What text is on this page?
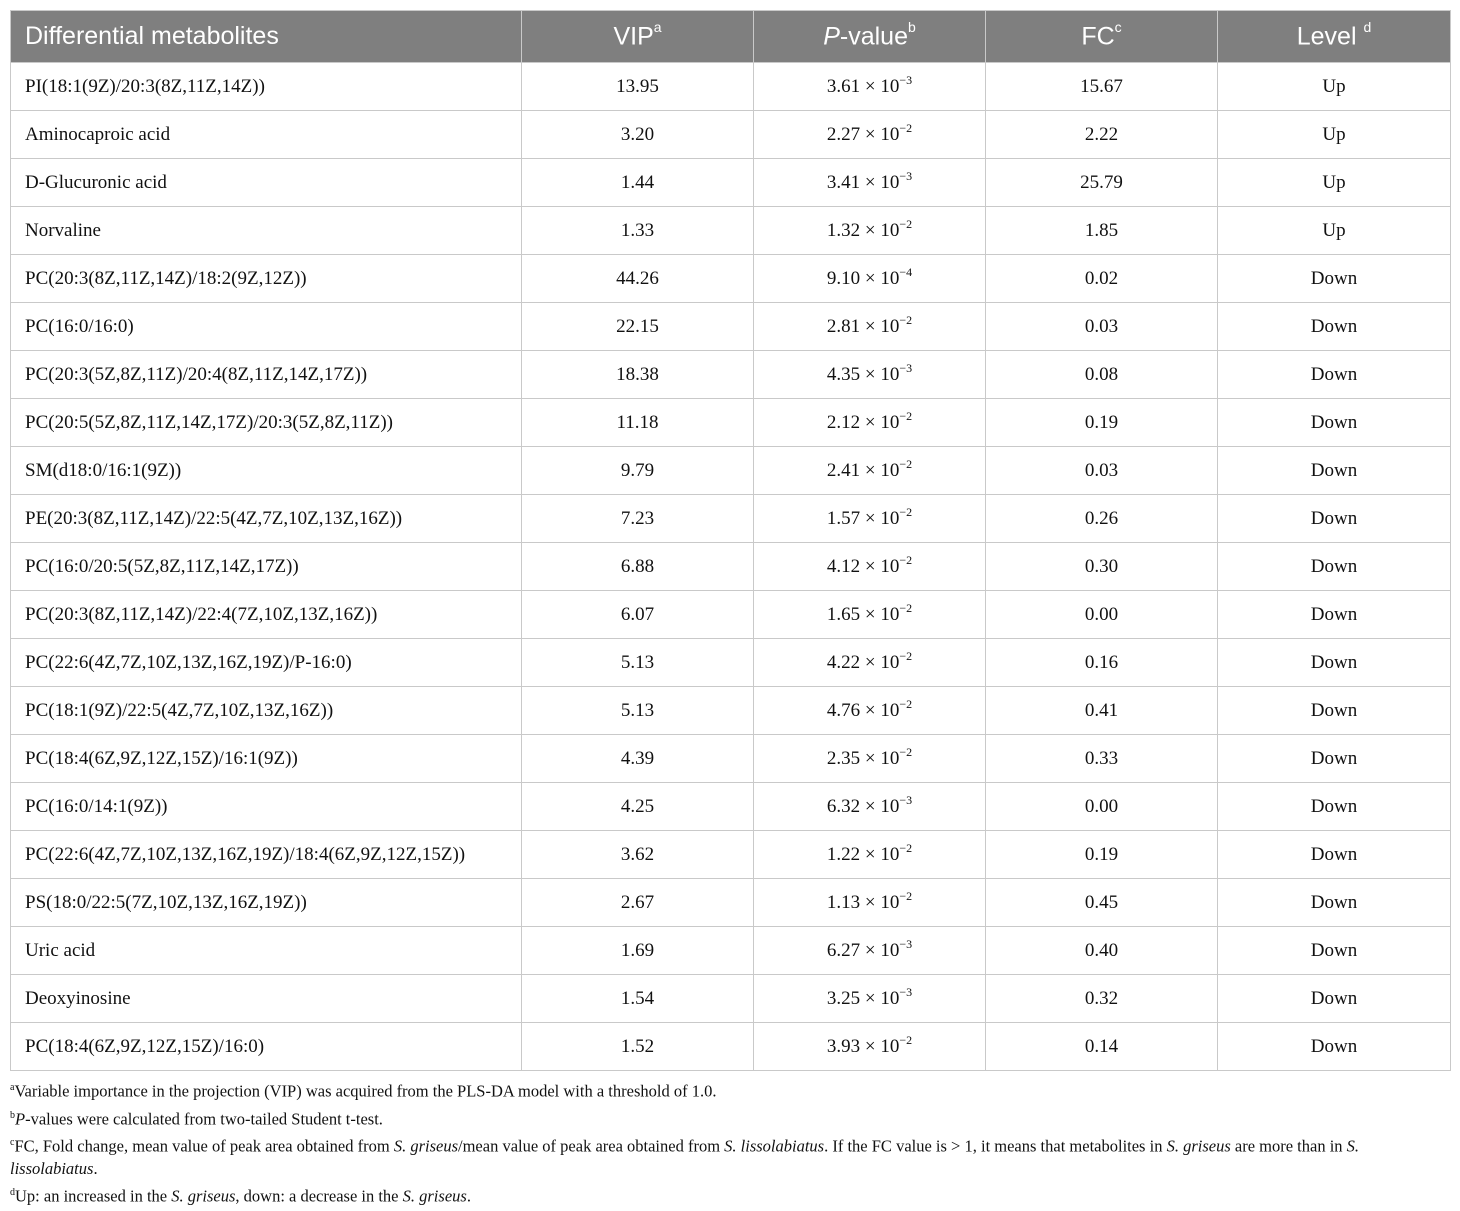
Differential metabolites	VIP$^a$	P-value$^b$	$FC^c$	Level $^d$
PI(18:1(9Z)/20:3(8Z,11Z,14Z))	13.95	$3.61 \times 10^{-3}$	15.67	Up
Aminocaproic acid	3.20	$2.27 \times 10^{-2}$	2.22	Up
D-Glucuronic acid	1.44	$3.41 \times 10^{-3}$	25.79	Up
Norvaline	1.33	$1.32 \times 10^{-2}$	1.85	Up
PC(20:3(8Z,11Z,14Z)/18:2(9Z,12Z))	44.26	$9.10 \times 10^{-4}$	0.02	Down
PC(16:0/16:0)	22.15	$2.81 \times 10^{-2}$	0.03	Down
PC(20:3(5Z,8Z,11Z)/20:4(8Z,11Z,14Z,17Z))	18.38	$4.35 \times 10^{-3}$	0.08	Down
PC(20:5(5Z,8Z,11Z,14Z,17Z)/20:3(5Z,8Z,11Z))	11.18	$2.12 \times 10^{-2}$	0.19	Down
SM(d18:0/16:1(9Z))	9.79	$2.41 \times 10^{-2}$	0.03	Down
PE(20:3(8Z,11Z,14Z)/22:5(4Z,7Z,10Z,13Z,16Z))	7.23	$1.57 \times 10^{-2}$	0.26	Down
PC(16:0/20:5(5Z,8Z,11Z,14Z,17Z))	6.88	$4.12 \times 10^{-2}$	0.30	Down
PC(20:3(8Z,11Z,14Z)/22:4(7Z,10Z,13Z,16Z))	6.07	$1.65 \times 10^{-2}$	0.00	Down
PC(22:6(4Z,7Z,10Z,13Z,16Z,19Z)/P-16:0)	5.13	$4.22 \times 10^{-2}$	0.16	Down
PC(18:1(9Z)/22:5(4Z,7Z,10Z,13Z,16Z))	5.13	$4.76 \times 10^{-2}$	0.41	Down
PC(18:4(6Z,9Z,12Z,15Z)/16:1(9Z))	4.39	$2.35 \times 10^{-2}$	0.33	Down
PC(16:0/14:1(9Z))	4.25	$6.32 \times 10^{-3}$	0.00	Down
PC(22:6(4Z,7Z,10Z,13Z,16Z,19Z)/18:4(6Z,9Z,12Z,15Z))	3.62	$1.22 \times 10^{-2}$	0.19	Down
PS(18:0/22:5(7Z,10Z,13Z,16Z,19Z))	2.67	$1.13 \times 10^{-2}$	0.45	Down
Uric acid	1.69	$6.27 \times 10^{-3}$	0.40	Down
Deoxyinosine	1.54	$3.25 \times 10^{-3}$	0.32	Down
PC(18:4(6Z,9Z,12Z,15Z)/16:0)	1.52	$3.93 \times 10^{-2}$	0.14	Down

$^a$Variable importance in the projection (VIP) was acquired from the PLS-DA model with a threshold of 1.0.

$^b$P-values were calculated from two-tailed Student t-test.

$^c$FC, Fold change, mean value of peak area obtained from S. griseus/mean value of peak area obtained from S. lissolabiatus. If the FC value is > 1, it means that metabolites in S. griseus are more than in S. lissolabiatus.

$^d$Up: an increased in the S. griseus, down: a decrease in the S. griseus.
